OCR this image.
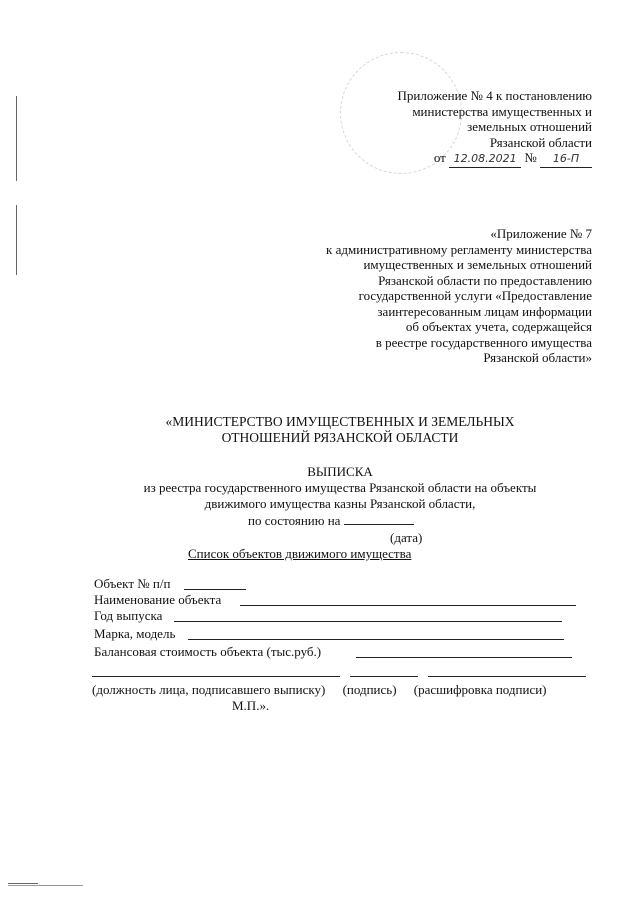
Приложение № 4 к постановлению
министерства имущественных и
земельных отношений
Рязанской области
от 12.08.2021 № 16-П
«Приложение № 7
к административному регламенту министерства
имущественных и земельных отношений
Рязанской области по предоставлению
государственной услуги «Предоставление
заинтересованным лицам информации
об объектах учета, содержащейся
в реестре государственного имущества
Рязанской области»
«МИНИСТЕРСТВО ИМУЩЕСТВЕННЫХ И ЗЕМЕЛЬНЫХ
ОТНОШЕНИЙ РЯЗАНСКОЙ ОБЛАСТИ
ВЫПИСКА
из реестра государственного имущества Рязанской области на объекты
движимого имущества казны Рязанской области,
по состоянию на
(дата)
Список объектов движимого имущества
Объект № п/п
Наименование объекта
Год выпуска
Марка, модель
Балансовая стоимость объекта (тыс.руб.)
(должность лица, подписавшего выписку) (подпись) (расшифровка подписи)
М.П.».
